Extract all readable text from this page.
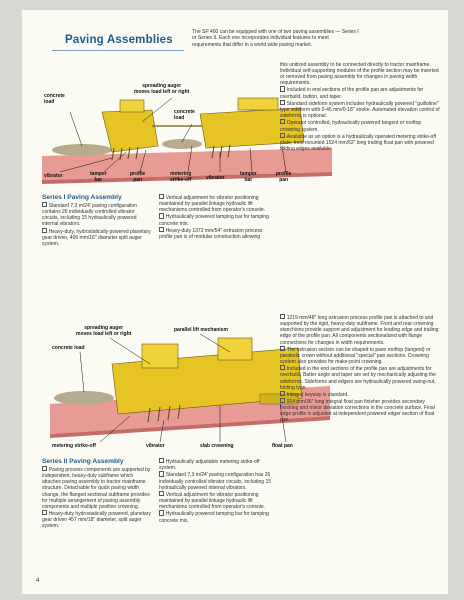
Paving Assemblies
The SP 400 can be equipped with one of two paving assemblies — Series I
or Series II. Each one incorporates individual features to meet
requirements that differ in a world wide paving market.
spreading auger
moves load left or right
concrete
load
concrete
load
vibrator	tamper
bar
profile
pan
metering
strike-off	vibrator
tamper
bar
profile
pan
Series I Paving Assembly

Standard 7,3 m/24' paving configuration contains 26 individually controlled vibrator circuits, including 15 hydraulically powered internal vibrators.

Heavy-duty, hydrostatically powered planetary gear driven, 406 mm/16" diameter split auger system.

Vertical adjustment for vibrator positioning maintained by parallel linkage hydraulic lift mechanisms controlled from operator's console.

Hydraulically powered tamping bar for tamping concrete mix.

Heavy-duty 1372 mm/54" extrusion process profile pan is of modular construction allowing

this unitized assembly to be connected directly to tractor mainframe. Individual self-supporting modules of the profile section may be inserted or removed from paving assembly for changes in paving width requirements.

Included in end sections of the profile pan are adjustments for overbuild, button, and taper.

Standard sideform system includes hydraulically powered "guillotine" type sideform with 0-45 mm/0-18" stroke. Automated elevation control of sideforms is optional.

Operator controlled, hydraulically powered tangent or rooftop crowning system.

Available as an option is a hydraulically operated metering strike-off plate, front mounted 1524 mm/52" long trailing float pan with powered folding edges available.

spreading auger
moves load left or right
parallel lift mechanism
concrete load
metering strike-off	vibrator	slab crowning	float pan
Series II Paving Assembly

Paving process components are supported by independent, heavy-duty subframe which attaches paving assembly to tractor mainframe structure. Detachable for quick paving width change, the flanged sectional subframe provides for multiple arrangement of paving assembly components and multiple position crowning.

Heavy-duty hydrostatically powered, planetary gear driven 457 mm/18" diameter, split auger system.

Hydraulically adjustable metering strike-off system.

Standard 7,3 m/24' paving configuration has 26 individually controlled vibrator circuits, including 15 hydraulically powered internal vibrators.

Vertical adjustment for vibrator positioning maintained by parallel linkage hydraulic lift mechanisms controlled from operator's console.

Hydraulically powered tamping bar for tamping concrete mix.

1219 mm/48" long extrusion process profile pan is attached to and supported by the rigid, heavy-duty subframe. Front and rear crowning stanchions provide support and adjustment for leading edge and trailing edge of the profile pan. All components sectionalized with flange connections for changes in width requirements.

The extrusion section can be shaped to pave rooftop (tangent) or parabolic crown without additional "special" pan sections. Crowning system also provides for make-point crowning.

Included in the end sections of the profile pan are adjustments for overbuild. Batter angle and taper are set by mechanically adjusting the sideforms. Sideforms and edgers are hydraulically powered swing-out, folding type.

Integral keyway is standard.

914 mm/36" long integral float pan finisher provides secondary finishing and minor deviation corrections in the concrete surface. Final edge profile is adjusted at independent powered edger section of float pan.

4
